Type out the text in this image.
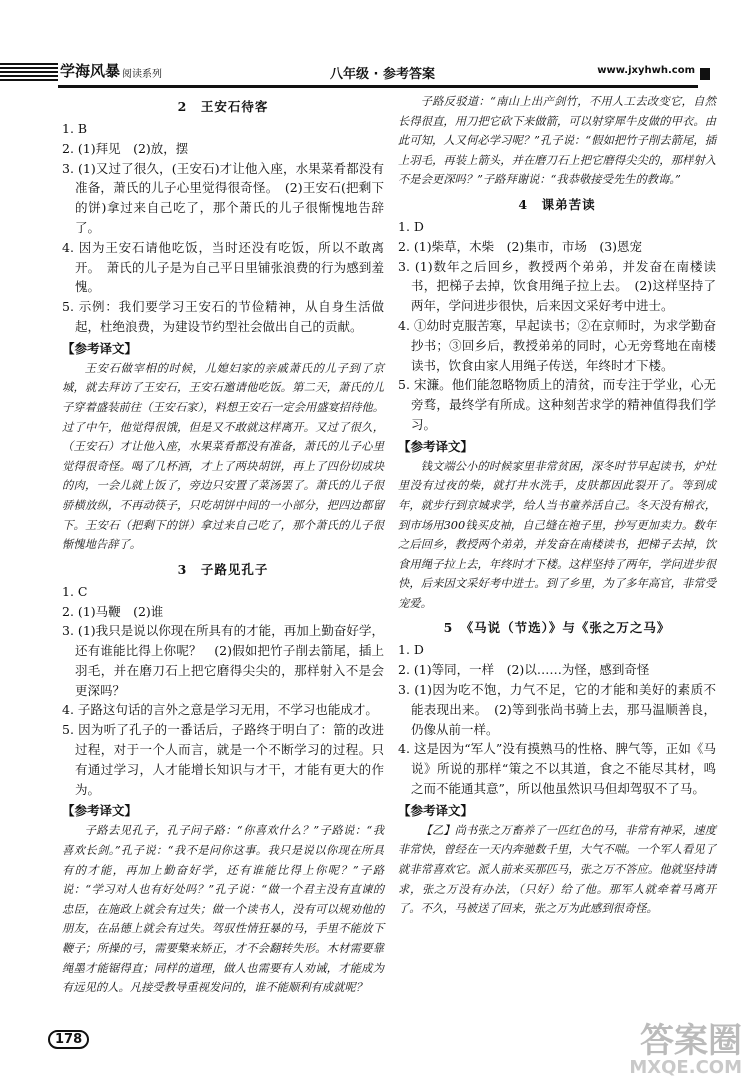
学海风暴 阅读系列	八年级 · 参考答案	www.jxyhwh.com
2　王安石待客

1. B

2. (1)拜见　(2)放，摆

3. (1)又过了很久，(王安石)才让他入座，水果菜肴都没有准备，萧氏的儿子心里觉得很奇怪。　(2)王安石(把剩下的饼)拿过来自己吃了，那个萧氏的儿子很惭愧地告辞了。

4. 因为王安石请他吃饭，当时还没有吃饭，所以不敢离开。　萧氏的儿子是为自己平日里铺张浪费的行为感到羞愧。

5. 示例：我们要学习王安石的节俭精神，从自身生活做起，杜绝浪费，为建设节约型社会做出自己的贡献。

【参考译文】

王安石做宰相的时候，儿媳妇家的亲戚萧氏的儿子到了京城，就去拜访了王安石，王安石邀请他吃饭。第二天，萧氏的儿子穿着盛装前往（王安石家），料想王安石一定会用盛宴招待他。过了中午，他觉得很饿，但是又不敢就这样离开。又过了很久，（王安石）才让他入座，水果菜肴都没有准备，萧氏的儿子心里觉得很奇怪。喝了几杯酒，才上了两块胡饼，再上了四份切成块的肉，一会儿就上饭了，旁边只安置了菜汤罢了。萧氏的儿子很骄横放纵，不再动筷子，只吃胡饼中间的一小部分，把四边都留下。王安石（把剩下的饼）拿过来自己吃了，那个萧氏的儿子很惭愧地告辞了。

3　子路见孔子

1. C

2. (1)马鞭　(2)谁

3. (1)我只是说以你现在所具有的才能，再加上勤奋好学，还有谁能比得上你呢？　(2)假如把竹子削去箭尾，插上羽毛，并在磨刀石上把它磨得尖尖的，那样射入不是会更深吗？

4. 子路这句话的言外之意是学习无用，不学习也能成才。

5. 因为听了孔子的一番话后，子路终于明白了：箭的改进过程，对于一个人而言，就是一个不断学习的过程。只有通过学习，人才能增长知识与才干，才能有更大的作为。

【参考译文】

子路去见孔子，孔子问子路：“你喜欢什么？”子路说：“我喜欢长剑。”孔子说：“我不是问你这事。我只是说以你现在所具有的才能，再加上勤奋好学，还有谁能比得上你呢？”子路说：“学习对人也有好处吗？”孔子说：“做一个君主没有直谏的忠臣，在施政上就会有过失；做一个读书人，没有可以规劝他的朋友，在品德上就会有过失。驾驭性情狂暴的马，手里不能放下鞭子；所操的弓，需要檠来矫正，才不会翻转失形。木材需要靠绳墨才能锯得直；同样的道理，做人也需要有人劝诫，才能成为有远见的人。凡接受教导重视发问的，谁不能顺利有成就呢？

子路反驳道：“南山上出产剑竹，不用人工去改变它，自然长得很直，用刀把它砍下来做箭，可以射穿犀牛皮做的甲衣。由此可知，人又何必学习呢？”孔子说：“假如把竹子削去箭尾，插上羽毛，再装上箭头，并在磨刀石上把它磨得尖尖的，那样射入不是会更深吗？”子路拜谢说：“我恭敬接受先生的教诲。”

4　课弟苦读

1. D

2. (1)柴草，木柴　(2)集市，市场　(3)恩宠

3. (1)数年之后回乡，教授两个弟弟，并发奋在南楼读书，把梯子去掉，饮食用绳子拉上去。　(2)这样坚持了两年，学问进步很快，后来因文采好考中进士。

4. ①幼时克服苦寒，早起读书；②在京师时，为求学勤奋抄书；③回乡后，教授弟弟的同时，心无旁骛地在南楼读书，饮食由家人用绳子传送，年终时才下楼。

5. 宋濂。他们能忽略物质上的清贫，而专注于学业，心无旁骛，最终学有所成。这种刻苦求学的精神值得我们学习。

【参考译文】

钱文端公小的时候家里非常贫困，深冬时节早起读书，炉灶里没有过夜的柴，就打井水洗手，皮肤都因此裂开了。等到成年，就步行到京城求学，给人当书童养活自己。冬天没有棉衣，到市场用300钱买皮袖，自己缝在袍子里，抄写更加卖力。数年之后回乡，教授两个弟弟，并发奋在南楼读书，把梯子去掉，饮食用绳子拉上去，年终时才下楼。这样坚持了两年，学问进步很快，后来因文采好考中进士。到了乡里，为了多年高官，非常受宠爱。

5　《马说（节选）》与《张之万之马》

1. D

2. (1)等同，一样　(2)以……为怪，感到奇怪

3. (1)因为吃不饱，力气不足，它的才能和美好的素质不能表现出来。　(2)等到张尚书骑上去，那马温顺善良，仍像从前一样。

4. 这是因为“军人”没有摸熟马的性格、脾气等，正如《马说》所说的那样“策之不以其道，食之不能尽其材，鸣之而不能通其意”，所以他虽然识马但却驾驭不了马。

【参考译文】

【乙】尚书张之万畜养了一匹红色的马，非常有神采，速度非常快，曾经在一天内奔驰数千里，大气不喘。一个军人看见了就非常喜欢它。派人前来买那匹马，张之万不答应。他就坚持请求，张之万没有办法，（只好）给了他。那军人就牵着马离开了。不久，马被送了回来，张之万为此感到很奇怪。

178	答案圈
MXQE.COM
